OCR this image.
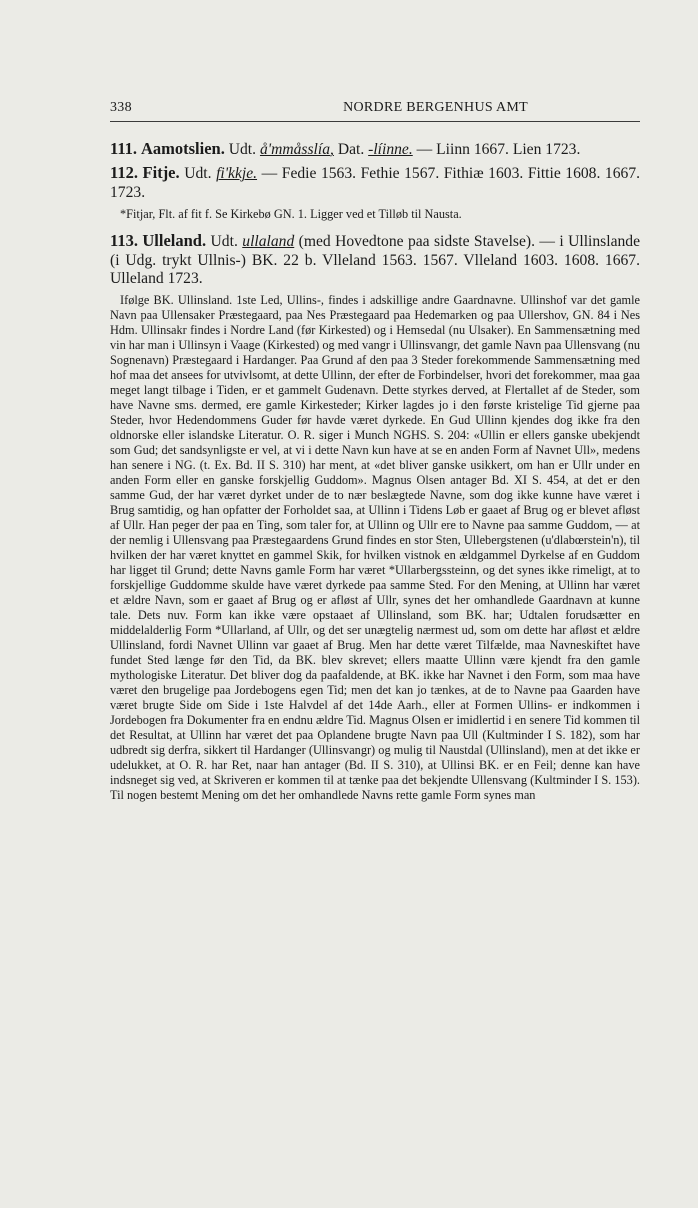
338	NORDRE BERGENHUS AMT
111. Aamotslien. Udt. å'mmåsslía, Dat. -líinne. — Liinn 1667. Lien 1723.
112. Fitje. Udt. fi'kkje. — Fedie 1563. Fethie 1567. Fithiæ 1603. Fittie 1608. 1667. 1723.
*Fitjar, Flt. af fit f. Se Kirkebø GN. 1. Ligger ved et Tilløb til Naustа.
113. Ulleland. Udt. ullaland (med Hovedtone paa sidste Stavelse). — i Ullinslande (i Udg. trykt Ullnis-) BK. 22 b. Vlleland 1563. 1567. Vlleland 1603. 1608. 1667. Ulleland 1723.

Ifølge BK. Ullinsland. 1ste Led, Ullins-, findes i adskillige andre Gaardnavne. Ullinshof var det gamle Navn paa Ullensaker Præstegaard, paa Nes Præstegaard paa Hedemarken og paa Ullershov, GN. 84 i Nes Hdm. Ullinsakr findes i Nordre Land (før Kirkested) og i Hemsedal (nu Ulsaker). En Sammensætning med vin har man i Ullinsyn i Vaage (Kirkested) og med vangr i Ullinsvangr, det gamle Navn paa Ullensvang (nu Sognenavn) Præstegaard i Hardanger. Paa Grund af den paa 3 Steder forekommende Sammensætning med hof maa det ansees for utvivlsomt, at dette Ullinn, der efter de Forbindelser, hvori det forekommer, maa gaa meget langt tilbage i Tiden, er et gammelt Gudenavn. Dette styrkes derved, at Flertallet af de Steder, som have Navne sms. dermed, ere gamle Kirkesteder; Kirker lagdes jo i den første kristelige Tid gjerne paa Steder, hvor Hedendommens Guder før havde været dyrkede. En Gud Ullinn kjendes dog ikke fra den oldnorske eller islandske Literatur. O. R. siger i Munch NGHS. S. 204: «Ullin er ellers ganske ubekjendt som Gud; det sandsynligste er vel, at vi i dette Navn kun have at se en anden Form af Navnet Ull», medens han senere i NG. (t. Ex. Bd. II S. 310) har ment, at «det bliver ganske usikkert, om han er Ullr under en anden Form eller en ganske forskjellig Guddom». Magnus Olsen antager Bd. XI S. 454, at det er den samme Gud, der har været dyrket under de to nær beslægtede Navne, som dog ikke kunne have været i Brug samtidig, og han opfatter der Forholdet saa, at Ullinn i Tidens Løb er gaaet af Brug og er blevet afløst af Ullr. Han peger der paa en Ting, som taler for, at Ullinn og Ullr ere to Navne paa samme Guddom, — at der nemlig i Ullensvang paa Præstegaardens Grund findes en stor Sten, Ullebergstenen (u'dlabœrstein'n), til hvilken der har været knyttet en gammel Skik, for hvilken vistnok en ældgammel Dyrkelse af en Guddom har ligget til Grund; dette Navns gamle Form har været *Ullarbergssteinn, og det synes ikke rimeligt, at to forskjellige Guddomme skulde have været dyrkede paa samme Sted. For den Mening, at Ullinn har været et ældre Navn, som er gaaet af Brug og er afløst af Ullr, synes det her omhandlede Gaardnavn at kunne tale. Dets nuv. Form kan ikke være opstaaet af Ullinsland, som BK. har; Udtalen forudsætter en middelalderlig Form *Ullarland, af Ullr, og det ser unægtelig nærmest ud, som om dette har afløst et ældre Ullinsland, fordi Navnet Ullinn var gaaet af Brug. Men har dette været Tilfælde, maa Navneskiftet have fundet Sted længe før den Tid, da BK. blev skrevet; ellers maatte Ullinn være kjendt fra den gamle mythologiske Literatur. Det bliver dog da paafaldende, at BK. ikke har Navnet i den Form, som maa have været den brugelige paa Jordebogens egen Tid; men det kan jo tænkes, at de to Navne paa Gaarden have været brugte Side om Side i 1ste Halvdel af det 14de Aarh., eller at Formen Ullins- er indkommen i Jordebogen fra Dokumenter fra en endnu ældre Tid. Magnus Olsen er imidlertid i en senere Tid kommen til det Resultat, at Ullinn har været det paa Oplandene brugte Navn paa Ull (Kultminder I S. 182), som har udbredt sig derfra, sikkert til Hardanger (Ullinsvangr) og mulig til Naustdal (Ullinsland), men at det ikke er udelukket, at O. R. har Ret, naar han antager (Bd. II S. 310), at Ullinsi BK. er en Feil; denne kan have indsneget sig ved, at Skriveren er kommen til at tænke paa det bekjendte Ullensvang (Kultminder I S. 153). Til nogen bestemt Mening om det her omhandlede Navns rette gamle Form synes man
